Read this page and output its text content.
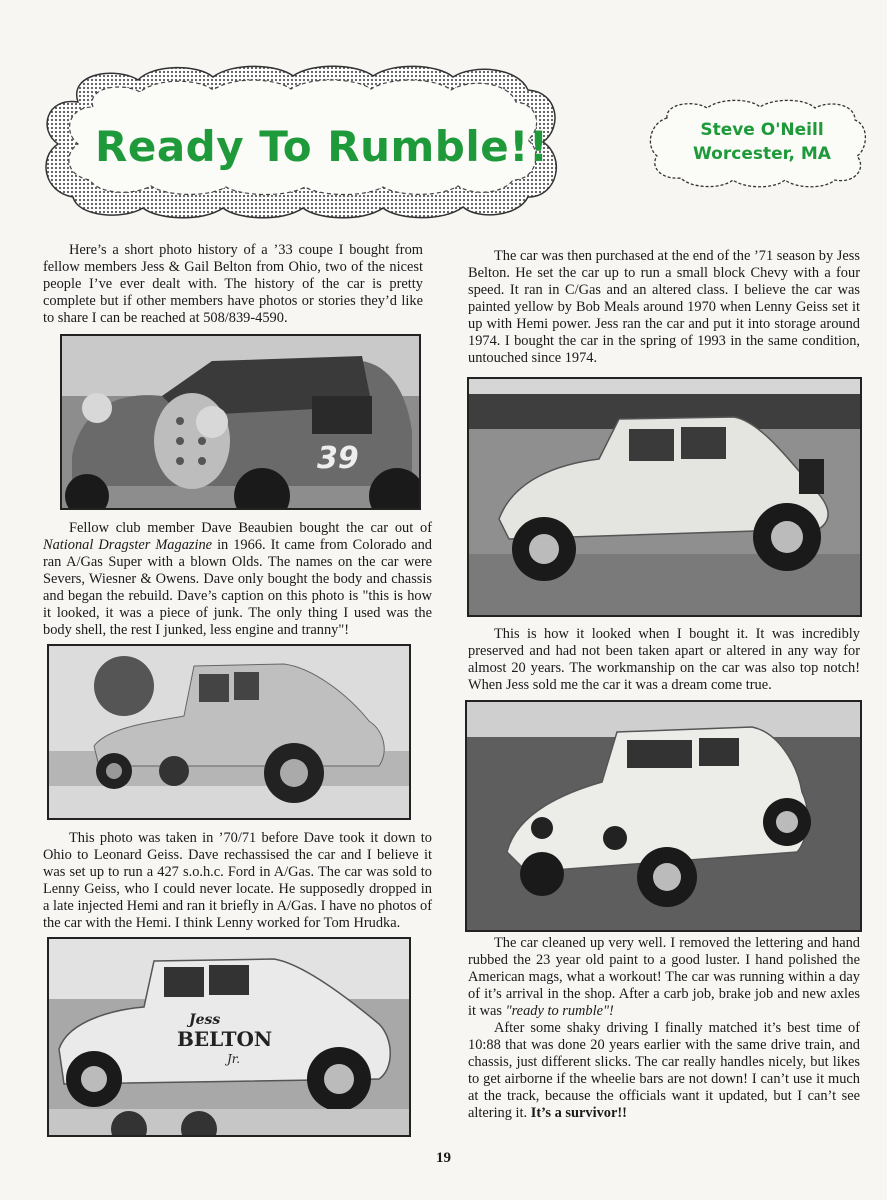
Ready To Rumble!!	Steve O'Neill
Worcester, MA

Here’s a short photo history of a ’33 coupe I bought from fellow members Jess & Gail Belton from Ohio, two of the nicest people I’ve ever dealt with. The history of the car is pretty complete but if other members have photos or stories they’d like to share I can be reached at 508/839-4590.

39

Fellow club member Dave Beaubien bought the car out of National Dragster Magazine in 1966. It came from Colorado and ran A/Gas Super with a blown Olds. The names on the car were Severs, Wiesner & Owens. Dave only bought the body and chassis and began the rebuild. Dave’s caption on this photo is "this is how it looked, it was a piece of junk. The only thing I used was the body shell, the rest I junked, less engine and tranny"!

This photo was taken in ’70/71 before Dave took it down to Ohio to Leonard Geiss. Dave rechassised the car and I believe it was set up to run a 427 s.o.h.c. Ford in A/Gas. The car was sold to Lenny Geiss, who I could never locate. He supposedly dropped in a late injected Hemi and ran it briefly in A/Gas. I have no photos of the car with the Hemi. I think Lenny worked for Tom Hrudka.

Jess
BELTON
Jr.

The car was then purchased at the end of the ’71 season by Jess Belton. He set the car up to run a small block Chevy with a four speed. It ran in C/Gas and an altered class. I believe the car was painted yellow by Bob Meals around 1970 when Lenny Geiss set it up with Hemi power. Jess ran the car and put it into storage around 1974. I bought the car in the spring of 1993 in the same condition, untouched since 1974.

This is how it looked when I bought it. It was incredibly preserved and had not been taken apart or altered in any way for almost 20 years. The workmanship on the car was also top notch! When Jess sold me the car it was a dream come true.

The car cleaned up very well. I removed the lettering and hand rubbed the 23 year old paint to a good luster. I hand polished the American mags, what a workout! The car was running within a day of it’s arrival in the shop. After a carb job, brake job and new axles it was "ready to rumble"!

After some shaky driving I finally matched it’s best time of 10:88 that was done 20 years earlier with the same drive train, and chassis, just different slicks. The car really handles nicely, but likes to get airborne if the wheelie bars are not down! I can’t use it much at the track, because the officials want it updated, but I can’t see altering it. It’s a survivor!!

19
